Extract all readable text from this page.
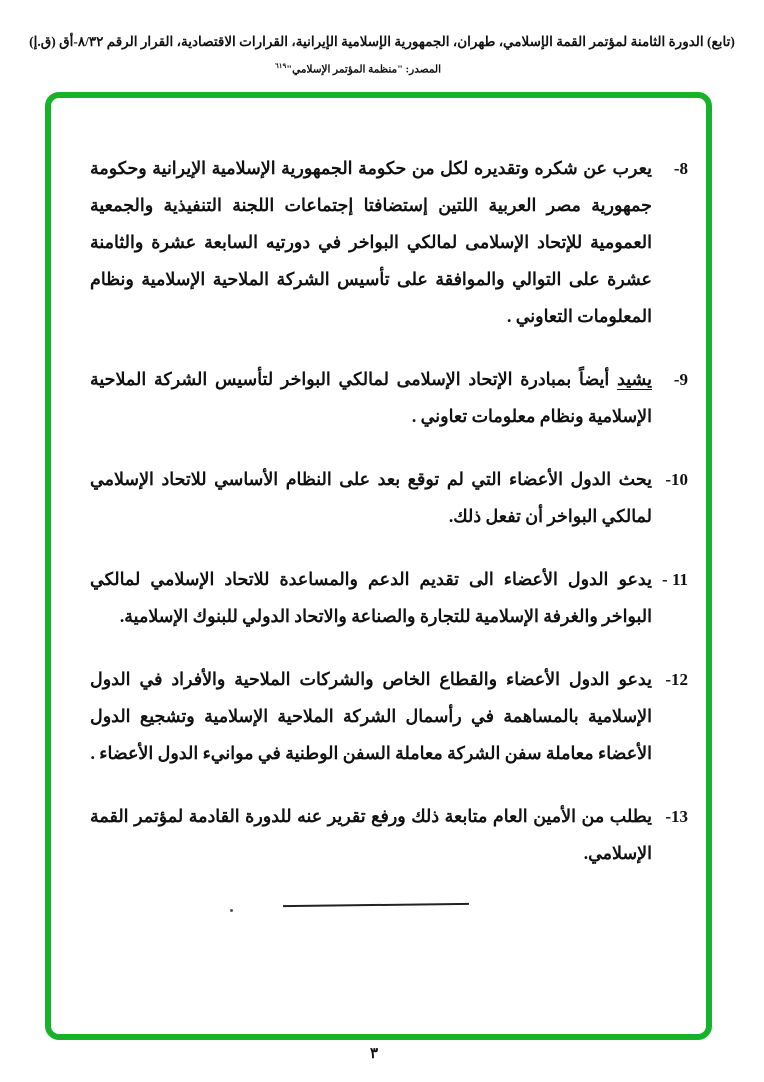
(تابع) الدورة الثامنة لمؤتمر القمة الإسلامي، طهران، الجمهورية الإسلامية الإيرانية، القرارات الاقتصادية، القرار الرقم ٨/٣٢-أق (ق.إ)
المصدر: "منظمة المؤتمر الإسلامي"$^{٦١٩}$
8-

يعرب عن شكره وتقديره لكل من حكومة الجمهورية الإسلامية الإيرانية وحكومة جمهورية مصر العربية اللتين إستضافتا إجتماعات اللجنة التنفيذية والجمعية العمومية للإتحاد الإسلامى لمالكي البواخر في دورتيه السابعة عشرة والثامنة عشرة على التوالي والموافقة على تأسيس الشركة الملاحية الإسلامية ونظام المعلومات التعاوني .

9-

يشيد أيضاً بمبادرة الإتحاد الإسلامى لمالكي البواخر لتأسيس الشركة الملاحية الإسلامية ونظام معلومات تعاوني .

10-

يحث الدول الأعضاء التي لم توقع بعد على النظام الأساسي للاتحاد الإسلامي لمالكي البواخر أن تفعل ذلك.

11 -

يدعو الدول الأعضاء الى تقديم الدعم والمساعدة للاتحاد الإسلامي لمالكي البواخر والغرفة الإسلامية للتجارة والصناعة والاتحاد الدولي للبنوك الإسلامية.

12-

يدعو الدول الأعضاء والقطاع الخاص والشركات الملاحية والأفراد في الدول الإسلامية بالمساهمة في رأسمال الشركة الملاحية الإسلامية وتشجيع الدول الأعضاء معاملة سفن الشركة معاملة السفن الوطنية في موانيء الدول الأعضاء .

13-

يطلب من الأمين العام متابعة ذلك ورفع تقرير عنه للدورة القادمة لمؤتمر القمة الإسلامي.

٣
